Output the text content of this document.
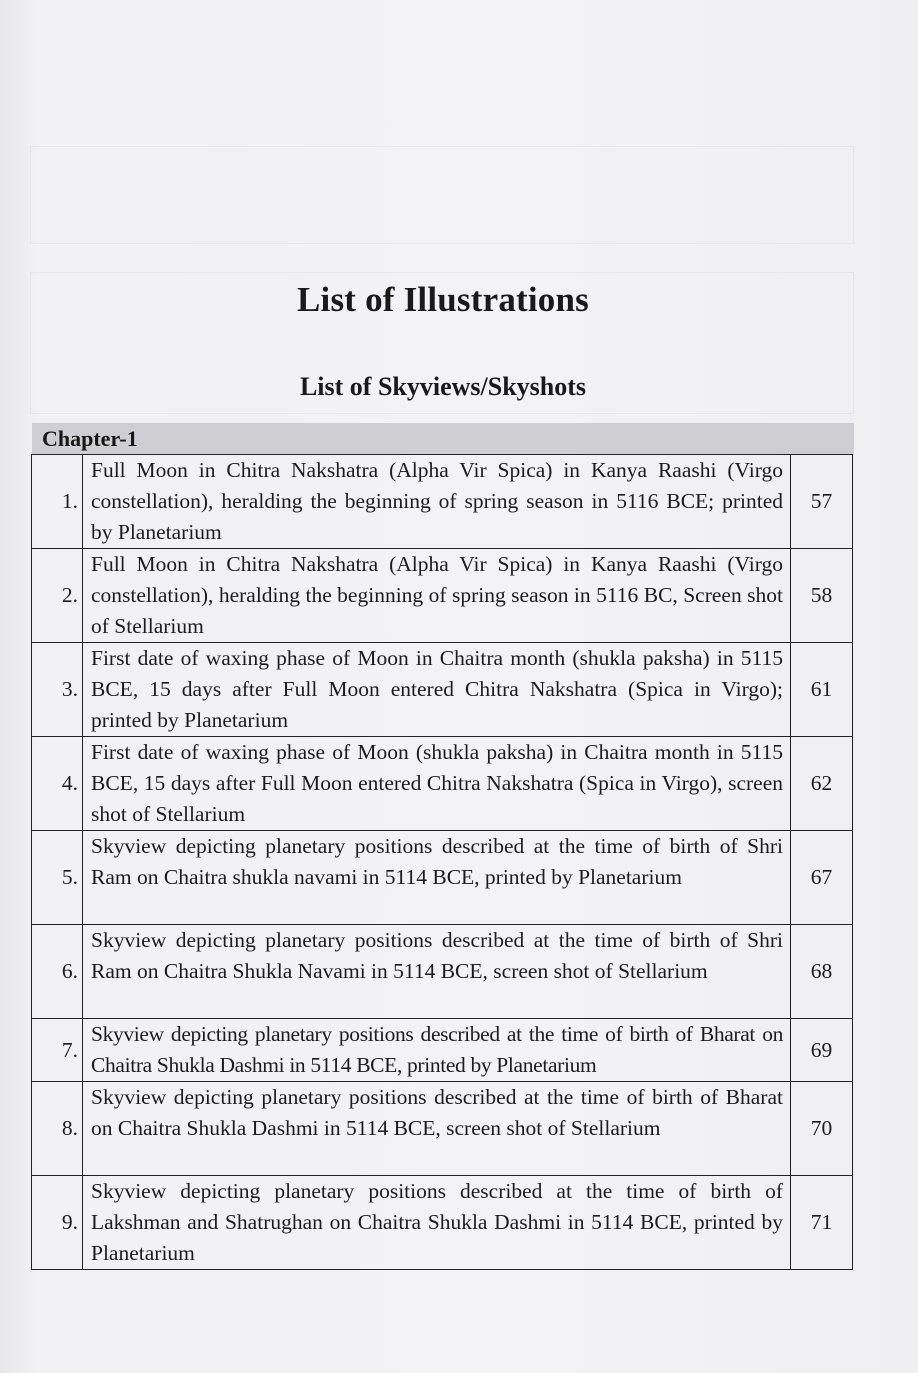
List of Illustrations
List of Skyviews/Skyshots
Chapter-1
1.	Full Moon in Chitra Nakshatra (Alpha Vir Spica) in Kanya Raashi (Virgo constellation), heralding the beginning of spring season in 5116 BCE; printed by Planetarium	57
2.	Full Moon in Chitra Nakshatra (Alpha Vir Spica) in Kanya Raashi (Virgo constellation), heralding the beginning of spring season in 5116 BC, Screen shot of Stellarium	58
3.	First date of waxing phase of Moon in Chaitra month (shukla paksha) in 5115 BCE, 15 days after Full Moon entered Chitra Nakshatra (Spica in Virgo); printed by Planetarium	61
4.	First date of waxing phase of Moon (shukla paksha) in Chaitra month in 5115 BCE, 15 days after Full Moon entered Chitra Nakshatra (Spica in Virgo), screen shot of Stellarium	62
5.	Skyview depicting planetary positions described at the time of birth of Shri Ram on Chaitra shukla navami in 5114 BCE, printed by Planetarium	67
6.	Skyview depicting planetary positions described at the time of birth of Shri Ram on Chaitra Shukla Navami in 5114 BCE, screen shot of Stellarium	68
7.	Skyview depicting planetary positions described at the time of birth of Bharat on Chaitra Shukla Dashmi in 5114 BCE, printed by Planetarium	69
8.	Skyview depicting planetary positions described at the time of birth of Bharat on Chaitra Shukla Dashmi in 5114 BCE, screen shot of Stellarium	70
9.	Skyview depicting planetary positions described at the time of birth of Lakshman and Shatrughan on Chaitra Shukla Dashmi in 5114 BCE, printed by Planetarium	71
